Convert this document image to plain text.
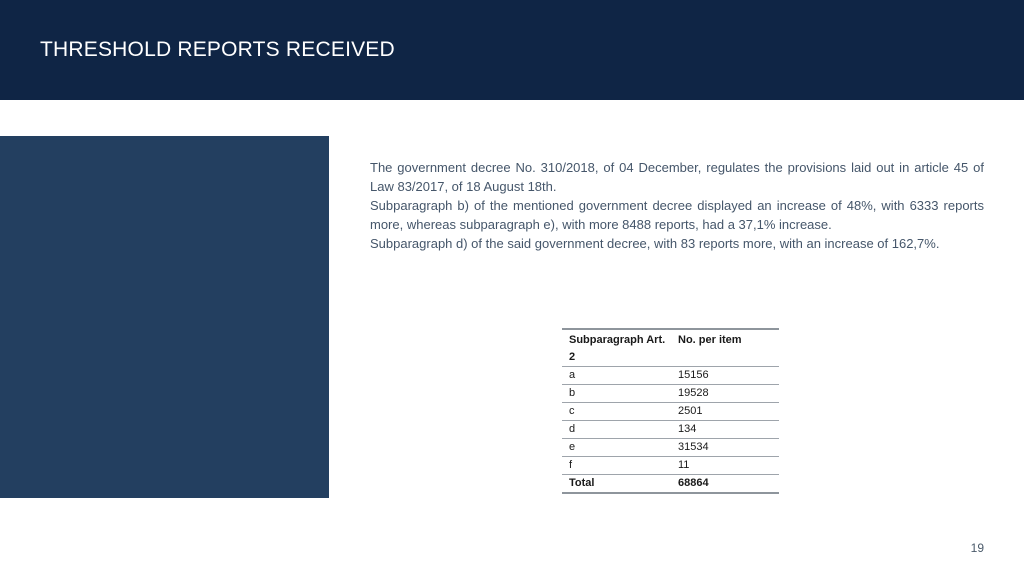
THRESHOLD REPORTS RECEIVED
AS TO THRESHOLD REPORTS BASED ON
DECREE-LAW 310/2018, OF 4 DECEMBER,
THERE WAS AN INCREASE OF 27,3%.

The government decree No. 310/2018, of 04 December, regulates the provisions laid out in article 45 of Law 83/2017, of 18 August 18th.

Subparagraph b) of the mentioned government decree displayed an increase of 48%, with 6333 reports more, whereas subparagraph e), with more 8488 reports, had a 37,1% increase.

Subparagraph d) of the said government decree, with 83 reports more, with an increase of 162,7%.

Subparagraph Art. 2	No. per item
a	15156
b	19528
c	2501
d	134
e	31534
f	11
Total	68864
19
